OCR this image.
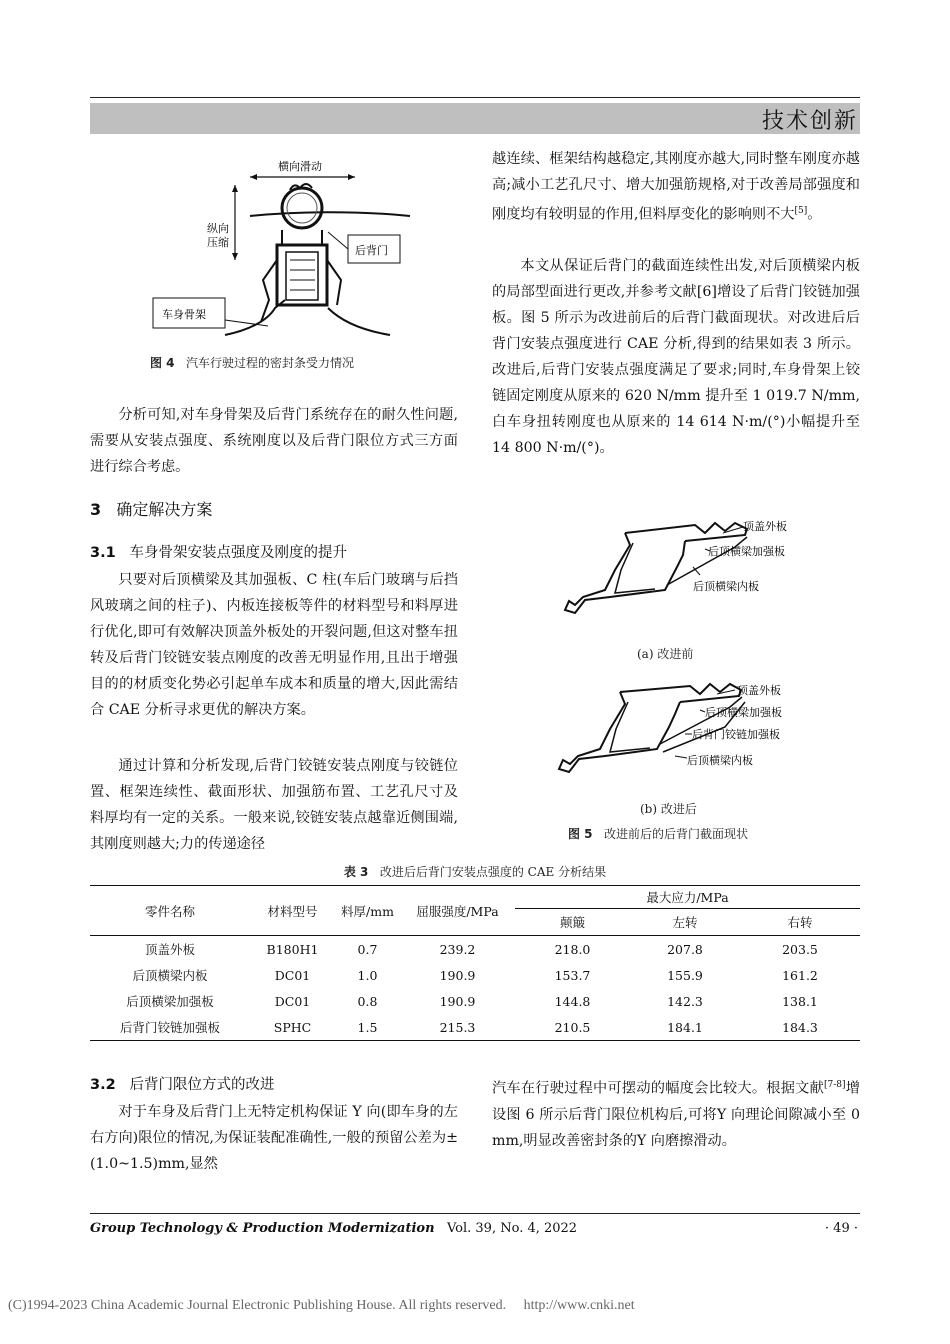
技术创新
横向滑动
纵向
压缩
后背门
车身骨架
图 4 汽车行驶过程的密封条受力情况
分析可知,对车身骨架及后背门系统存在的耐久性问题,需要从安装点强度、系统刚度以及后背门限位方式三方面进行综合考虑。
3 确定解决方案
3.1 车身骨架安装点强度及刚度的提升
只要对后顶横梁及其加强板、C 柱(车后门玻璃与后挡风玻璃之间的柱子)、内板连接板等件的材料型号和料厚进行优化,即可有效解决顶盖外板处的开裂问题,但这对整车扭转及后背门铰链安装点刚度的改善无明显作用,且出于增强目的的材质变化势必引起单车成本和质量的增大,因此需结合 CAE 分析寻求更优的解决方案。
通过计算和分析发现,后背门铰链安装点刚度与铰链位置、框架连续性、截面形状、加强筋布置、工艺孔尺寸及料厚均有一定的关系。一般来说,铰链安装点越靠近侧围端,其刚度则越大;力的传递途径
越连续、框架结构越稳定,其刚度亦越大,同时整车刚度亦越高;减小工艺孔尺寸、增大加强筋规格,对于改善局部强度和刚度均有较明显的作用,但料厚变化的影响则不大[5]。
本文从保证后背门的截面连续性出发,对后顶横梁内板的局部型面进行更改,并参考文献[6]增设了后背门铰链加强板。图 5 所示为改进前后的后背门截面现状。对改进后后背门安装点强度进行 CAE 分析,得到的结果如表 3 所示。改进后,后背门安装点强度满足了要求;同时,车身骨架上铰链固定刚度从原来的 620 N/mm 提升至 1 019.7 N/mm,白车身扭转刚度也从原来的 14 614 N·m/(°)小幅提升至 14 800 N·m/(°)。
顶盖外板
后顶横梁加强板
后顶横梁内板
(a) 改进前
顶盖外板
后顶横梁加强板
后背门铰链加强板
后顶横梁内板
(b) 改进后
图 5 改进前后的后背门截面现状
表 3 改进后后背门安装点强度的 CAE 分析结果
零件名称	材料型号	料厚/mm	屈服强度/MPa	最大应力/MPa		
				颠簸	左转	右转
顶盖外板	B180H1	0.7	239.2	218.0	207.8	203.5
后顶横梁内板	DC01	1.0	190.9	153.7	155.9	161.2
后顶横梁加强板	DC01	0.8	190.9	144.8	142.3	138.1
后背门铰链加强板	SPHC	1.5	215.3	210.5	184.1	184.3
3.2 后背门限位方式的改进
对于车身及后背门上无特定机构保证 Y 向(即车身的左右方向)限位的情况,为保证装配准确性,一般的预留公差为±(1.0~1.5)mm,显然
汽车在行驶过程中可摆动的幅度会比较大。根据文献[7-8]增设图 6 所示后背门限位机构后,可将Y 向理论间隙减小至 0 mm,明显改善密封条的Y 向磨擦滑动。
Group Technology & Production Modernization Vol. 39, No. 4, 2022	· 49 ·
(C)1994-2023 China Academic Journal Electronic Publishing House. All rights reserved. http://www.cnki.net
